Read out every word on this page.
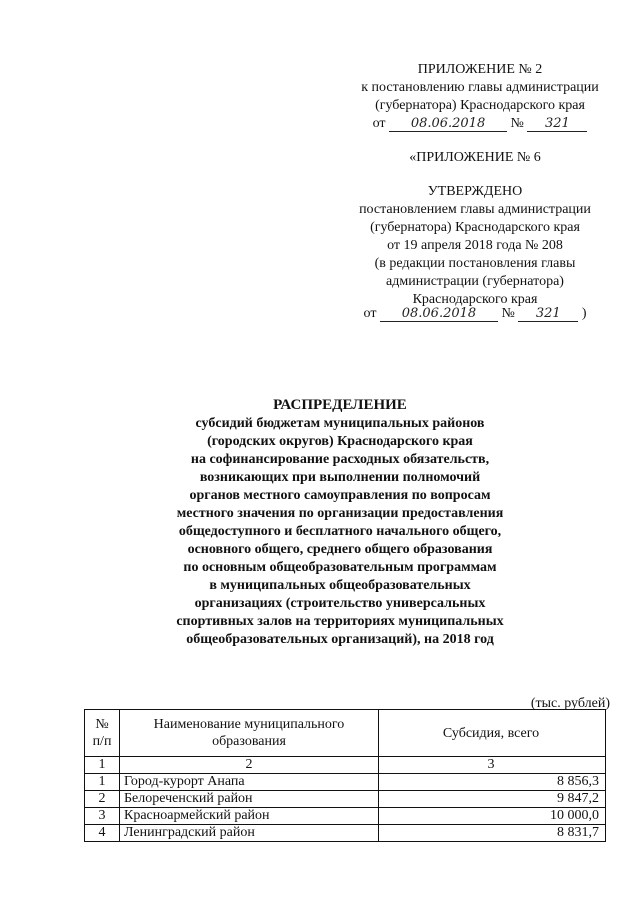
ПРИЛОЖЕНИЕ № 2
к постановлению главы администрации
(губернатора) Краснодарского края
от 08.06.2018 № 321
«ПРИЛОЖЕНИЕ № 6
УТВЕРЖДЕНО
постановлением главы администрации
(губернатора) Краснодарского края
от 19 апреля 2018 года № 208
(в редакции постановления главы
администрации (губернатора)
Краснодарского края
от 08.06.2018 № 321 )
РАСПРЕДЕЛЕНИЕ
субсидий бюджетам муниципальных районов
(городских округов) Краснодарского края
на софинансирование расходных обязательств,
возникающих при выполнении полномочий
органов местного самоуправления по вопросам
местного значения по организации предоставления
общедоступного и бесплатного начального общего,
основного общего, среднего общего образования
по основным общеобразовательным программам
в муниципальных общеобразовательных
организациях (строительство универсальных
спортивных залов на территориях муниципальных
общеобразовательных организаций), на 2018 год
(тыс. рублей)
№ п/п	Наименование муниципального образования	Субсидия, всего
1	2	3
1	Город-курорт Анапа	8 856,3
2	Белореченский район	9 847,2
3	Красноармейский район	10 000,0
4	Ленинградский район	8 831,7
